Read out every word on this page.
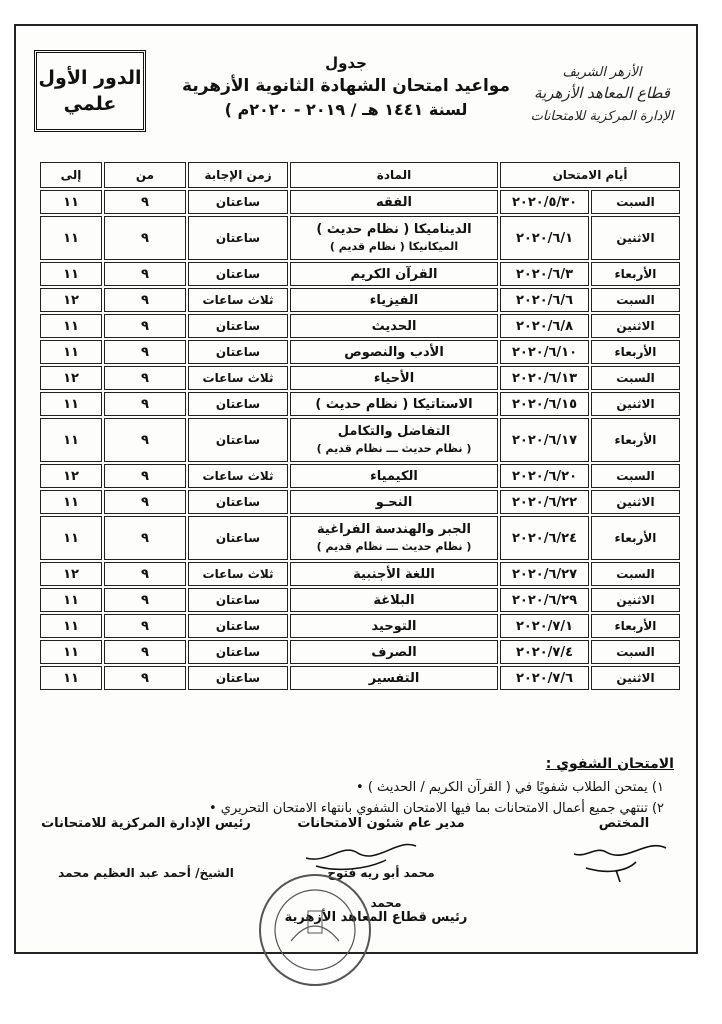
الدور الأول
علمي
جدول
مواعيد امتحان الشهادة الثانوية الأزهرية
لسنة ١٤٤١ هـ / ٢٠١٩ - ٢٠٢٠م )
الأزهر الشريف
قطاع المعاهد الأزهرية
الإدارة المركزية للامتحانات
أيام الامتحان		المادة	زمن الإجابة	من	إلى
السبت	٢٠٢٠/٥/٣٠	الفقه	ساعتان	٩	١١
الاثنين	٢٠٢٠/٦/١	الديناميكا ( نظام حديث )
الميكانيكا ( نظام قديم )	ساعتان	٩	١١
الأربعاء	٢٠٢٠/٦/٣	القرآن الكريم	ساعتان	٩	١١
السبت	٢٠٢٠/٦/٦	الفيزياء	ثلاث ساعات	٩	١٢
الاثنين	٢٠٢٠/٦/٨	الحديث	ساعتان	٩	١١
الأربعاء	٢٠٢٠/٦/١٠	الأدب والنصوص	ساعتان	٩	١١
السبت	٢٠٢٠/٦/١٣	الأحياء	ثلاث ساعات	٩	١٢
الاثنين	٢٠٢٠/٦/١٥	الاستاتيكا ( نظام حديث )	ساعتان	٩	١١
الأربعاء	٢٠٢٠/٦/١٧	التفاضل والتكامل
( نظام حديث ـــ نظام قديم )	ساعتان	٩	١١
السبت	٢٠٢٠/٦/٢٠	الكيمياء	ثلاث ساعات	٩	١٢
الاثنين	٢٠٢٠/٦/٢٢	النحـو	ساعتان	٩	١١
الأربعاء	٢٠٢٠/٦/٢٤	الجبر والهندسة الفراغية
( نظام حديث ـــ نظام قديم )	ساعتان	٩	١١
السبت	٢٠٢٠/٦/٢٧	اللغة الأجنبية	ثلاث ساعات	٩	١٢
الاثنين	٢٠٢٠/٦/٢٩	البلاغة	ساعتان	٩	١١
الأربعاء	٢٠٢٠/٧/١	التوحيد	ساعتان	٩	١١
السبت	٢٠٢٠/٧/٤	الصرف	ساعتان	٩	١١
الاثنين	٢٠٢٠/٧/٦	التفسير	ساعتان	٩	١١
الامتحان الشفوي :
١) يمتحن الطلاب شفويًا في ( القرآن الكريم / الحديث ) •
٢) تنتهي جميع أعمال الامتحانات بما فيها الامتحان الشفوي بانتهاء الامتحان التحريري •
المختص
مدير عام شئون الامتحانات
محمد أبو ريه فتوح
رئيس الإدارة المركزية للامتحانات
الشيخ/ أحمد عبد العظيم محمد
محمد
رئيس قطاع المعاهد الأزهرية
